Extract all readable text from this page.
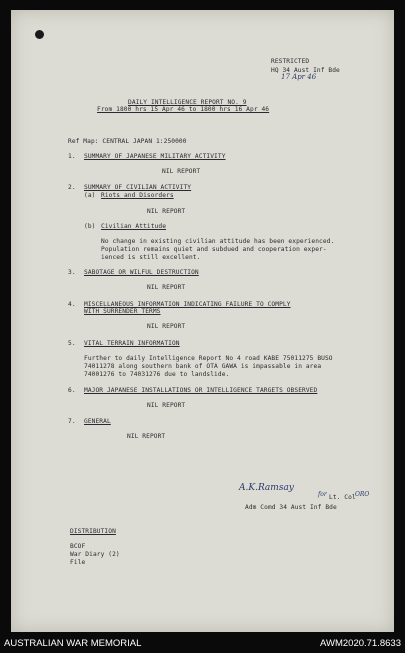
RESTRICTED
HQ 34 Aust Inf Bde
17 Apr 46
DAILY INTELLIGENCE REPORT NO. 9
From 1800 hrs 15 Apr 46 to 1800 hrs 16 Apr 46
Ref Map: CENTRAL JAPAN 1:250000
1. SUMMARY OF JAPANESE MILITARY ACTIVITY
NIL REPORT
2. SUMMARY OF CIVILIAN ACTIVITY
(a) Riots and Disorders
NIL REPORT
(b) Civilian Attitude
No change in existing civilian attitude has been experienced.
Population remains quiet and subdued and cooperation exper-
ienced is still excellent.
3. SABOTAGE OR WILFUL DESTRUCTION
NIL REPORT
4. MISCELLANEOUS INFORMATION INDICATING FAILURE TO COMPLY
WITH SURRENDER TERMS
NIL REPORT
5. VITAL TERRAIN INFORMATION
Further to daily Intelligence Report No 4 road KABE 75011275 BUSO
74011278 along southern bank of OTA GAWA is impassable in area
74001276 to 74031276 due to landslide.
6. MAJOR JAPANESE INSTALLATIONS OR INTELLIGENCE TARGETS OBSERVED
NIL REPORT
7. GENERAL
NIL REPORT
A.K.Ramsay
for Lt. Col ORO
Adm Comd 34 Aust Inf Bde
DISTRIBUTION
BCOF
War Diary (2)
File
AUSTRALIAN WAR MEMORIAL	AWM2020.71.8633
